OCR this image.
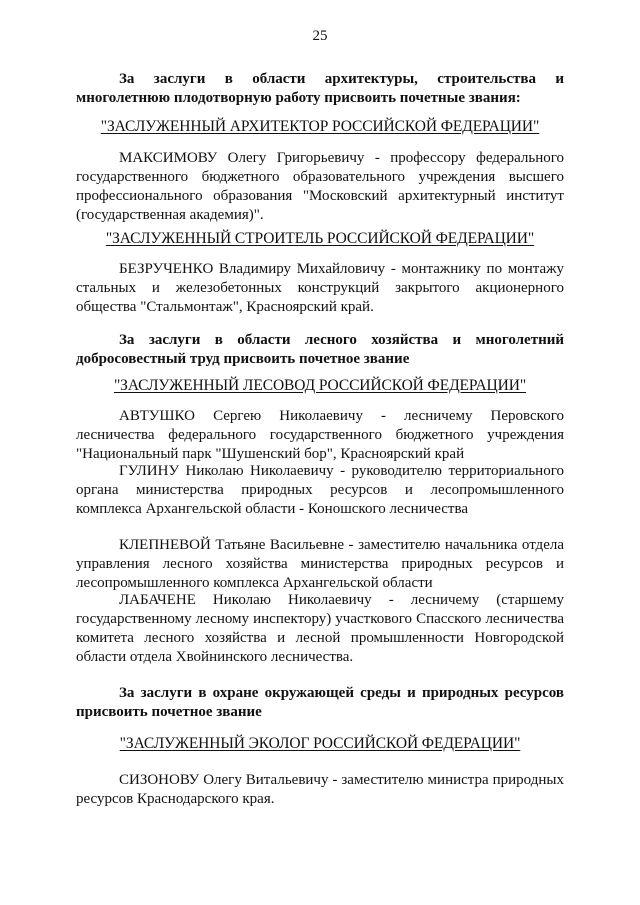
25

За заслуги в области архитектуры, строительства и многолетнюю плодотворную работу присвоить почетные звания:

"ЗАСЛУЖЕННЫЙ АРХИТЕКТОР РОССИЙСКОЙ ФЕДЕРАЦИИ"

МАКСИМОВУ Олегу Григорьевичу - профессору федерального государственного бюджетного образовательного учреждения высшего профессионального образования "Московский архитектурный институт (государственная академия)".

"ЗАСЛУЖЕННЫЙ СТРОИТЕЛЬ РОССИЙСКОЙ ФЕДЕРАЦИИ"

БЕЗРУЧЕНКО Владимиру Михайловичу - монтажнику по монтажу стальных и железобетонных конструкций закрытого акционерного общества "Стальмонтаж", Красноярский край.

За заслуги в области лесного хозяйства и многолетний добросовестный труд присвоить почетное звание

"ЗАСЛУЖЕННЫЙ ЛЕСОВОД РОССИЙСКОЙ ФЕДЕРАЦИИ"

АВТУШКО Сергею Николаевичу - лесничему Перовского лесничества федерального государственного бюджетного учреждения "Национальный парк "Шушенский бор", Красноярский край

ГУЛИНУ Николаю Николаевичу - руководителю территориального органа министерства природных ресурсов и лесопромышленного комплекса Архангельской области - Коношского лесничества

КЛЕПНЕВОЙ Татьяне Васильевне - заместителю начальника отдела управления лесного хозяйства министерства природных ресурсов и лесопромышленного комплекса Архангельской области

ЛАБАЧЕНЕ Николаю Николаевичу - лесничему (старшему государственному лесному инспектору) участкового Спасского лесничества комитета лесного хозяйства и лесной промышленности Новгородской области отдела Хвойнинского лесничества.

За заслуги в охране окружающей среды и природных ресурсов присвоить почетное звание

"ЗАСЛУЖЕННЫЙ ЭКОЛОГ РОССИЙСКОЙ ФЕДЕРАЦИИ"

СИЗОНОВУ Олегу Витальевичу - заместителю министра природных ресурсов Краснодарского края.
